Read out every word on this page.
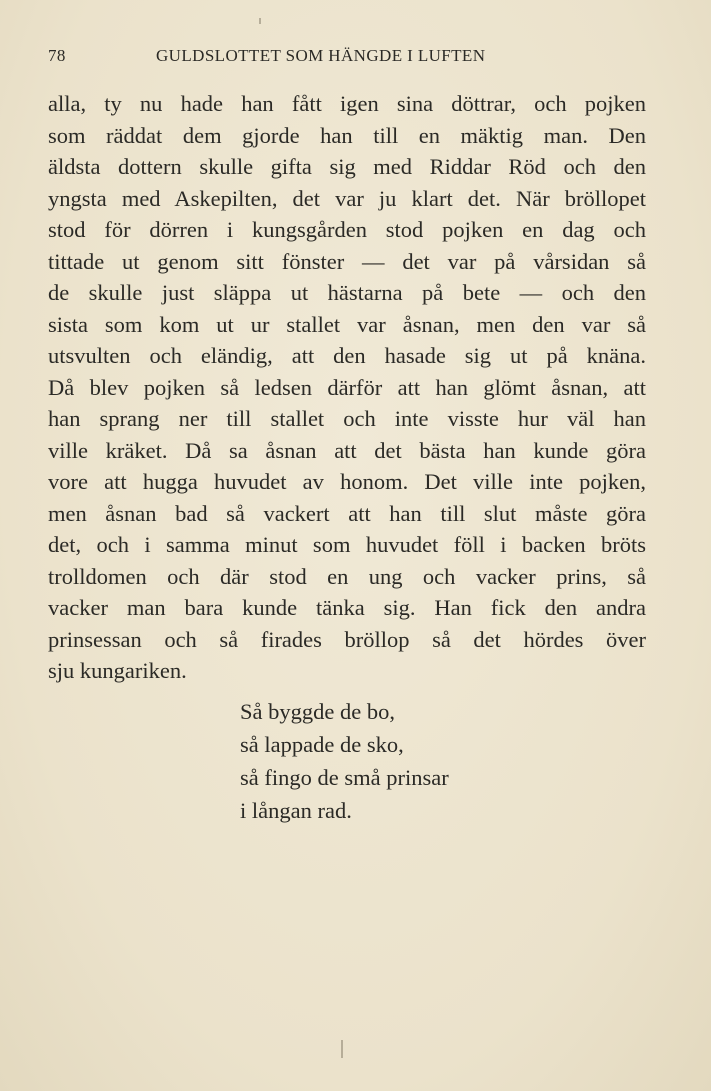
78	GULDSLOTTET SOM HÄNGDE I LUFTEN
alla, ty nu hade han fått igen sina döttrar, och pojken
som räddat dem gjorde han till en mäktig man. Den
äldsta dottern skulle gifta sig med Riddar Röd och den
yngsta med Askepilten, det var ju klart det. När bröllopet
stod för dörren i kungsgården stod pojken en dag och
tittade ut genom sitt fönster — det var på vårsidan så
de skulle just släppa ut hästarna på bete — och den
sista som kom ut ur stallet var åsnan, men den var så
utsvulten och eländig, att den hasade sig ut på knäna.
Då blev pojken så ledsen därför att han glömt åsnan, att
han sprang ner till stallet och inte visste hur väl han
ville kräket. Då sa åsnan att det bästa han kunde göra
vore att hugga huvudet av honom. Det ville inte pojken,
men åsnan bad så vackert att han till slut måste göra
det, och i samma minut som huvudet föll i backen bröts
trolldomen och där stod en ung och vacker prins, så
vacker man bara kunde tänka sig. Han fick den andra
prinsessan och så firades bröllop så det hördes över
sju kungariken.
Så byggde de bo,
så lappade de sko,
så fingo de små prinsar
i långan rad.
